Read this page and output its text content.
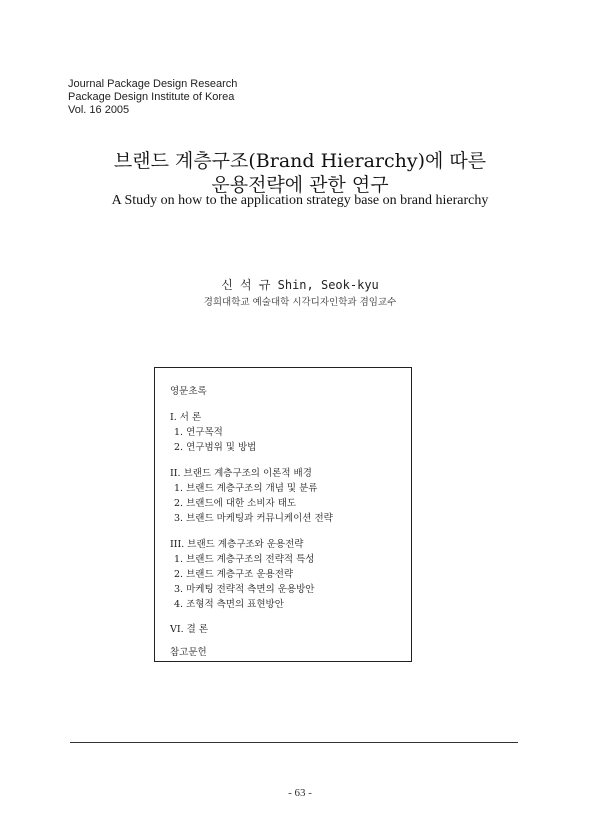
Journal Package Design Research
Package Design Institute of Korea
Vol. 16 2005
브랜드 계층구조(Brand Hierarchy)에 따른
운용전략에 관한 연구
A Study on how to the application strategy base on brand hierarchy
신 석 규 Shin, Seok-kyu
경희대학교 예술대학 시각디자인학과 겸임교수
영문초록
I. 서 론
1. 연구목적
2. 연구범위 및 방법
II. 브랜드 계층구조의 이론적 배경
1. 브랜드 계층구조의 개념 및 분류
2. 브랜드에 대한 소비자 태도
3. 브랜드 마케팅과 커뮤니케이션 전략
III. 브랜드 계층구조와 운용전략
1. 브랜드 계층구조의 전략적 특성
2. 브랜드 계층구조 운용전략
3. 마케팅 전략적 측면의 운용방안
4. 조형적 측면의 표현방안
VI. 결 론
참고문헌
- 63 -
